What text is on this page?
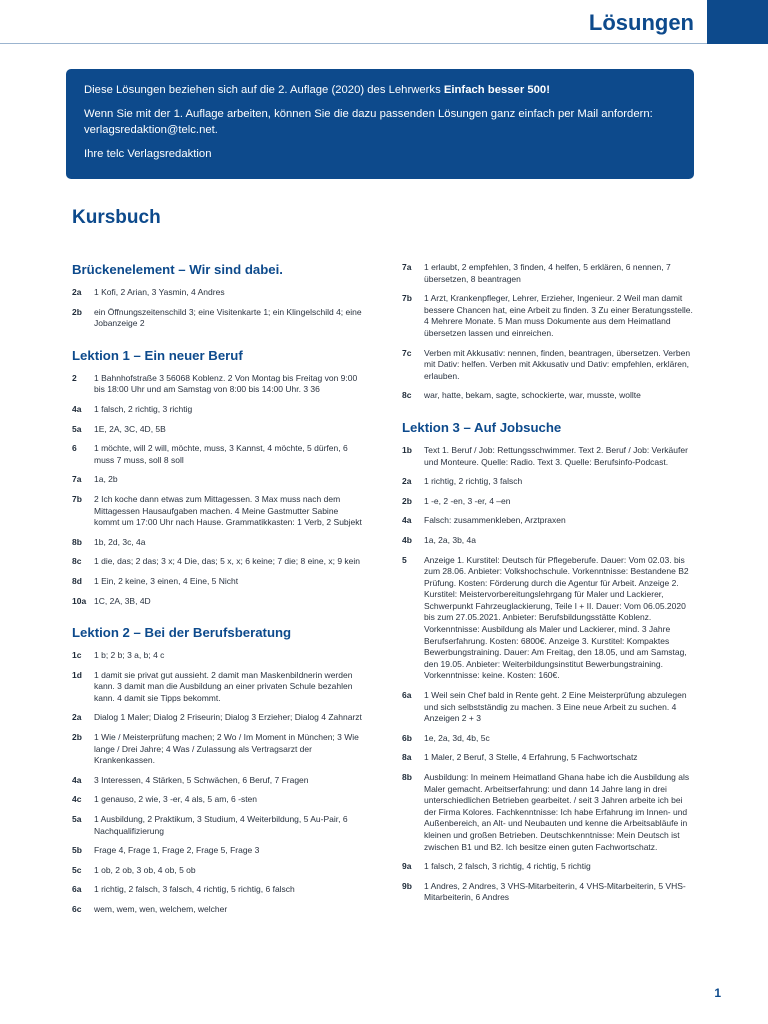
Lösungen

Diese Lösungen beziehen sich auf die 2. Auflage (2020) des Lehrwerks Einfach besser 500!

Wenn Sie mit der 1. Auflage arbeiten, können Sie die dazu passenden Lösungen ganz einfach per Mail anfordern: verlagsredaktion@telc.net.

Ihre telc Verlagsredaktion

Kursbuch
Brückenelement – Wir sind dabei.
2a	1 Kofi, 2 Arian, 3 Yasmin, 4 Andres
2b	ein Öffnungszeitenschild 3; eine Visitenkarte 1; ein Klingelschild 4; eine Jobanzeige 2
Lektion 1 – Ein neuer Beruf
2	1 Bahnhofstraße 3 56068 Koblenz. 2 Von Montag bis Freitag von 9:00 bis 18:00 Uhr und am Samstag von 8:00 bis 14:00 Uhr. 3 36
4a	1 falsch, 2 richtig, 3 richtig
5a	1E, 2A, 3C, 4D, 5B
6	1 möchte, will 2 will, möchte, muss, 3 Kannst, 4 möchte, 5 dürfen, 6 muss 7 muss, soll 8 soll
7a	1a, 2b
7b	2 Ich koche dann etwas zum Mittagessen. 3 Max muss nach dem Mittagessen Hausaufgaben machen. 4 Meine Gastmutter Sabine kommt um 17:00 Uhr nach Hause. Grammatikkasten: 1 Verb, 2 Subjekt
8b	1b, 2d, 3c, 4a
8c	1 die, das; 2 das; 3 x; 4 Die, das; 5 x, x; 6 keine; 7 die; 8 eine, x; 9 kein
8d	1 Ein, 2 keine, 3 einen, 4 Eine, 5 Nicht
10a 1C, 2A, 3B, 4D
Lektion 2 – Bei der Berufsberatung
1c	1 b; 2 b; 3 a, b; 4 c
1d	1 damit sie privat gut aussieht. 2 damit man Maskenbildnerin werden kann. 3 damit man die Ausbildung an einer privaten Schule bezahlen kann. 4 damit sie Tipps bekommt.
2a	Dialog 1 Maler; Dialog 2 Friseurin; Dialog 3 Erzieher; Dialog 4 Zahnarzt
2b	1 Wie / Meisterprüfung machen; 2 Wo / Im Moment in München; 3 Wie lange / Drei Jahre; 4 Was / Zulassung als Vertragsarzt der Krankenkassen.
4a	3 Interessen, 4 Stärken, 5 Schwächen, 6 Beruf, 7 Fragen
4c	1 genauso, 2 wie, 3 -er, 4 als, 5 am, 6 -sten
5a	1 Ausbildung, 2 Praktikum, 3 Studium, 4 Weiterbildung, 5 Au-Pair, 6 Nachqualifizierung
5b	Frage 4, Frage 1, Frage 2, Frage 5, Frage 3
5c	1 ob, 2 ob, 3 ob, 4 ob, 5 ob
6a	1 richtig, 2 falsch, 3 falsch, 4 richtig, 5 richtig, 6 falsch
6c	wem, wem, wen, welchem, welcher
7a	1 erlaubt, 2 empfehlen, 3 finden, 4 helfen, 5 erklären, 6 nennen, 7 übersetzen, 8 beantragen
7b	1 Arzt, Krankenpfleger, Lehrer, Erzieher, Ingenieur. 2 Weil man damit bessere Chancen hat, eine Arbeit zu finden. 3 Zu einer Beratungsstelle. 4 Mehrere Monate. 5 Man muss Dokumente aus dem Heimatland übersetzen lassen und einreichen.
7c	Verben mit Akkusativ: nennen, finden, beantragen, übersetzen. Verben mit Dativ: helfen. Verben mit Akkusativ und Dativ: empfehlen, erklären, erlauben.
8c	war, hatte, bekam, sagte, schockierte, war, musste, wollte
Lektion 3 – Auf Jobsuche
1b	Text 1. Beruf / Job: Rettungsschwimmer. Text 2. Beruf / Job: Verkäufer und Monteure. Quelle: Radio. Text 3. Quelle: Berufsinfo-Podcast.
2a	1 richtig, 2 richtig, 3 falsch
2b	1 -e, 2 -en, 3 -er, 4 –en
4a	Falsch: zusammenkleben, Arztpraxen
4b	1a, 2a, 3b, 4a
5	Anzeige 1. Kurstitel: Deutsch für Pflegeberufe. Dauer: Vom 02.03. bis zum 28.06. Anbieter: Volkshochschule. Vorkenntnisse: Bestandene B2 Prüfung. Kosten: Förderung durch die Agentur für Arbeit. Anzeige 2. Kurstitel: Meistervorbereitungslehrgang für Maler und Lackierer, Schwerpunkt Fahrzeuglackierung, Teile I + II. Dauer: Vom 06.05.2020 bis zum 27.05.2021. Anbieter: Berufsbildungsstätte Koblenz. Vorkenntnisse: Ausbildung als Maler und Lackierer, mind. 3 Jahre Berufserfahrung. Kosten: 6800€. Anzeige 3. Kurstitel: Kompaktes Bewerbungstraining. Dauer: Am Freitag, den 18.05, und am Samstag, den 19.05. Anbieter: Weiterbildungsinstitut Bewerbungstraining. Vorkenntnisse: keine. Kosten: 160€.
6a	1 Weil sein Chef bald in Rente geht. 2 Eine Meisterprüfung abzulegen und sich selbstständig zu machen. 3 Eine neue Arbeit zu suchen. 4 Anzeigen 2 + 3
6b	1e, 2a, 3d, 4b, 5c
8a	1 Maler, 2 Beruf, 3 Stelle, 4 Erfahrung, 5 Fachwortschatz
8b	Ausbildung: In meinem Heimatland Ghana habe ich die Ausbildung als Maler gemacht. Arbeitserfahrung: und dann 14 Jahre lang in drei unterschiedlichen Betrieben gearbeitet. / seit 3 Jahren arbeite ich bei der Firma Kolores. Fachkenntnisse: Ich habe Erfahrung im Innen- und Außenbereich, an Alt- und Neubauten und kenne die Arbeitsabläufe in kleinen und großen Betrieben. Deutschkenntnisse: Mein Deutsch ist zwischen B1 und B2. Ich besitze einen guten Fachwortschatz.
9a	1 falsch, 2 falsch, 3 richtig, 4 richtig, 5 richtig
9b	1 Andres, 2 Andres, 3 VHS-Mitarbeiterin, 4 VHS-Mitarbeiterin, 5 VHS-Mitarbeiterin, 6 Andres
1
